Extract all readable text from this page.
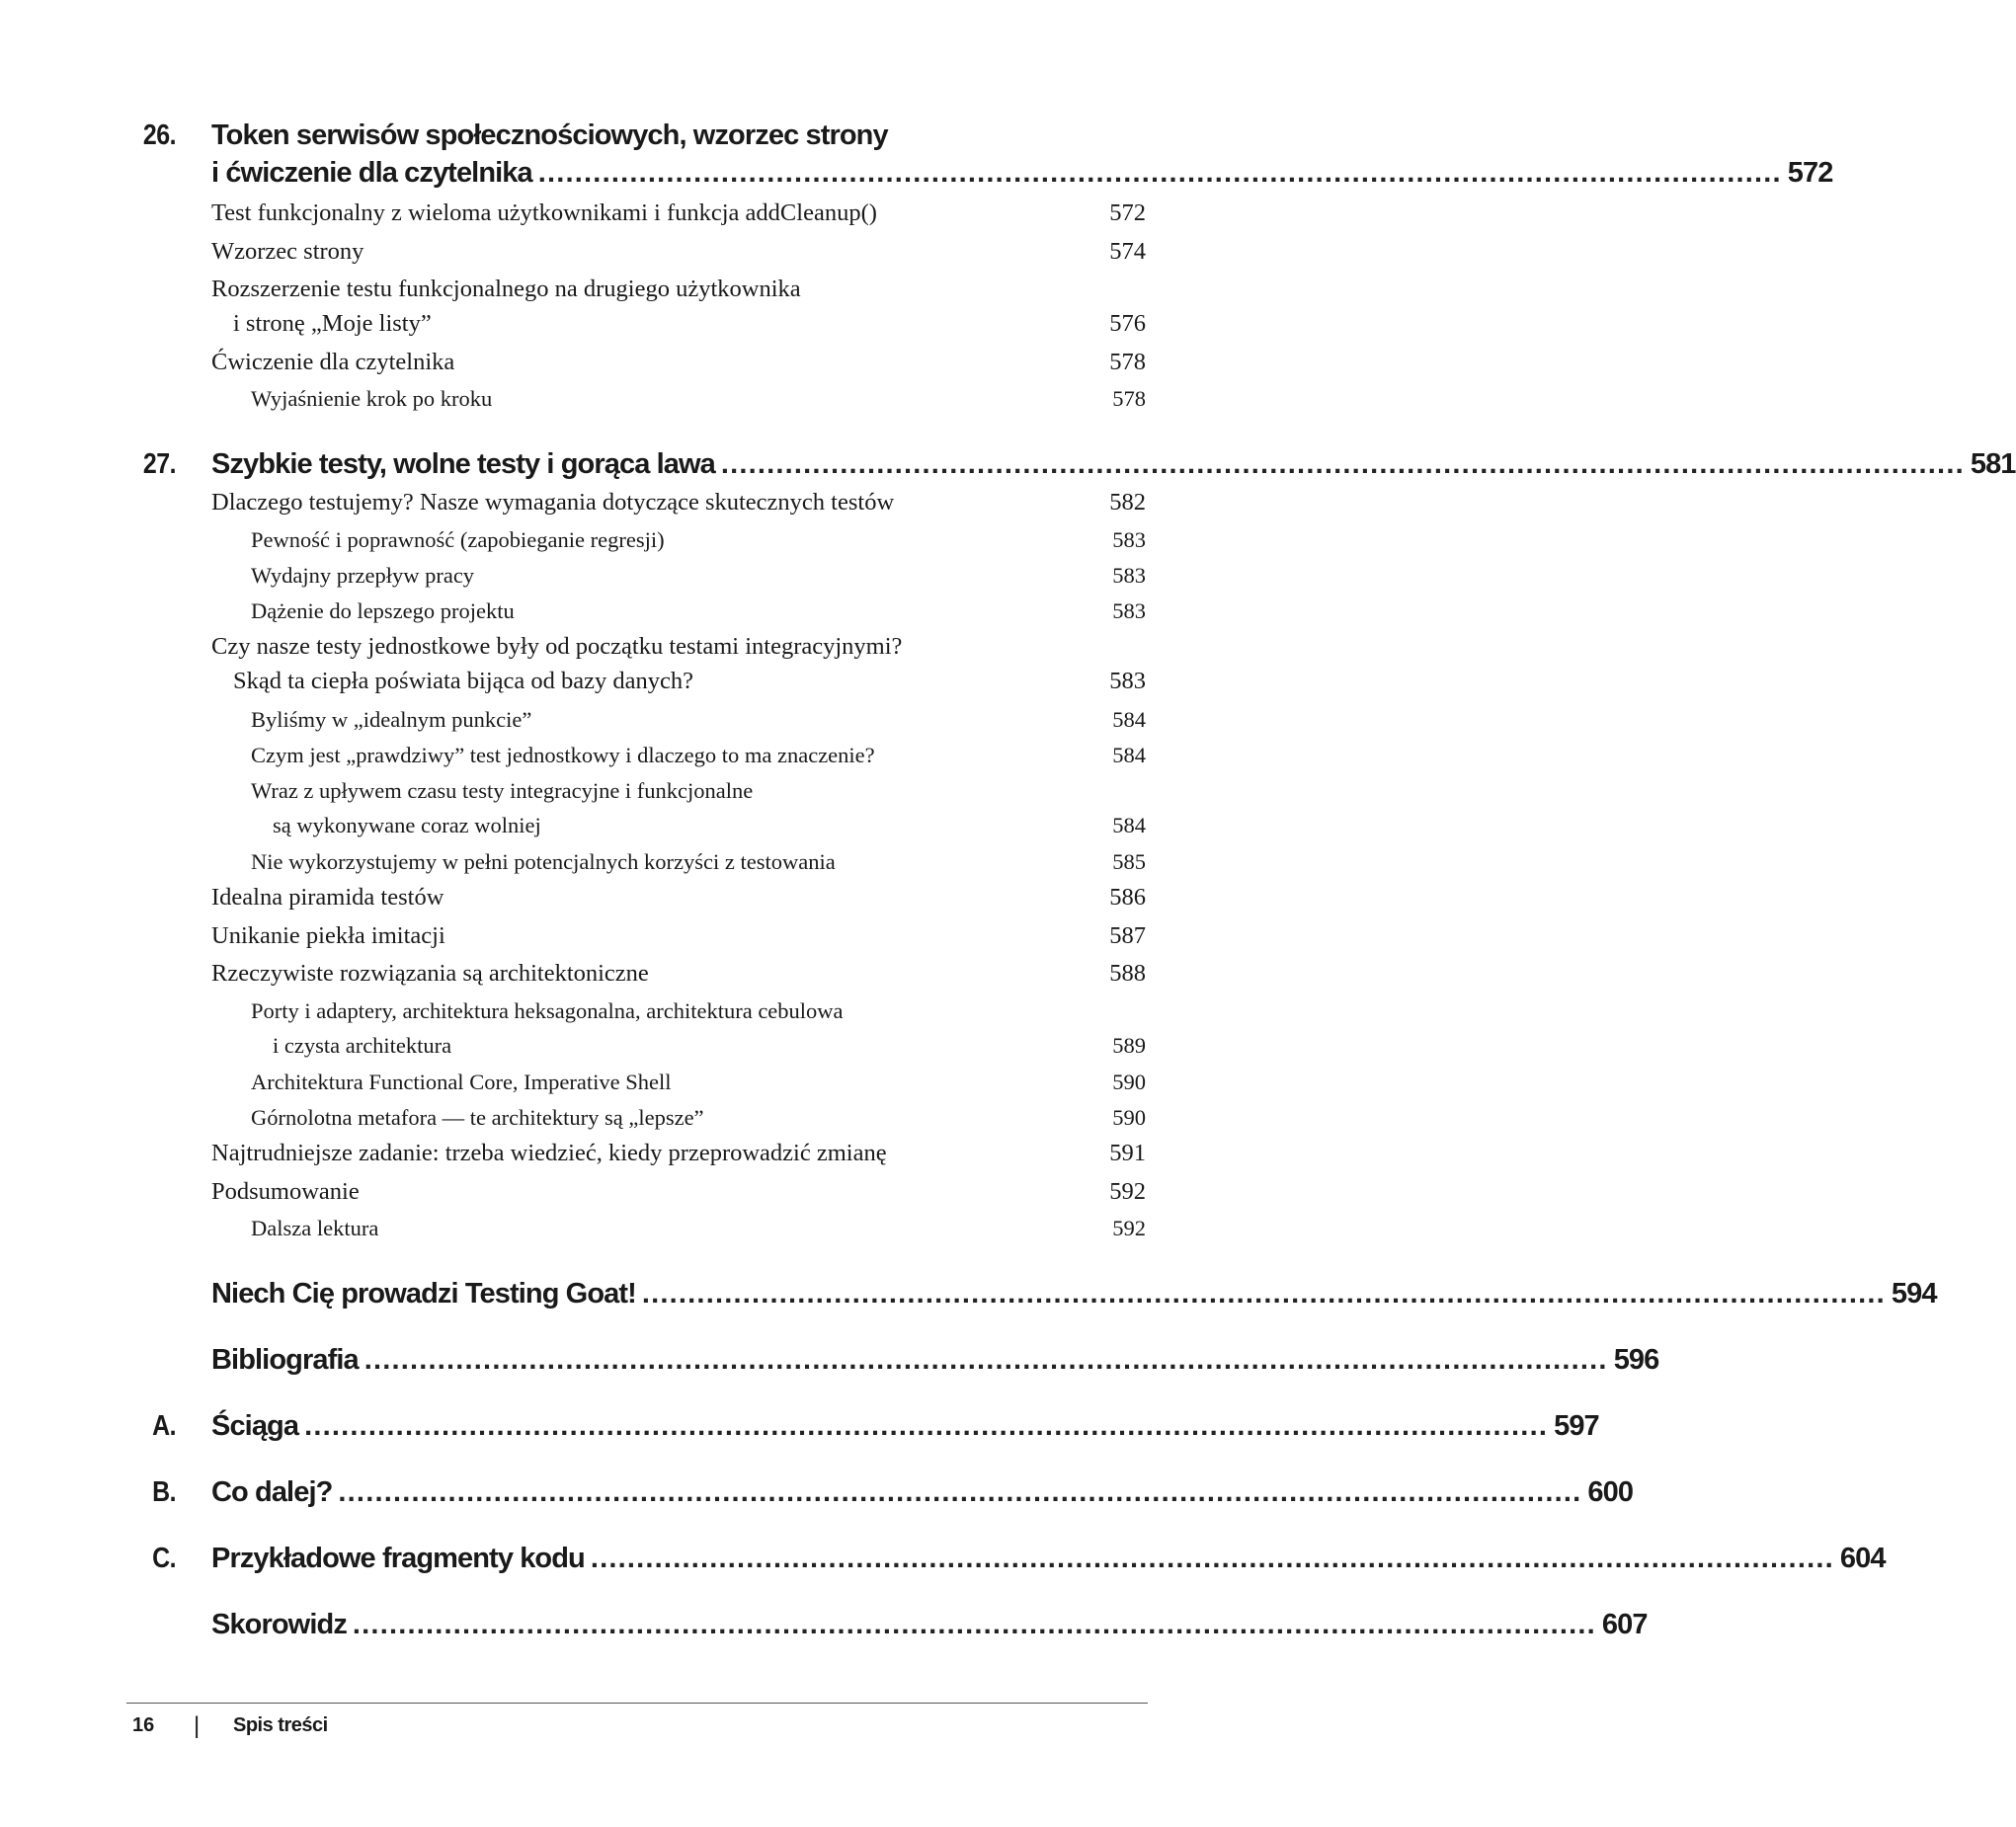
26. Token serwisów społecznościowych, wzorzec strony
i ćwiczenie dla czytelnika ........................................................................................................................................ 572
Test funkcjonalny z wieloma użytkownikami i funkcja addCleanup()	572
Wzorzec strony	574
Rozszerzenie testu funkcjonalnego na drugiego użytkownika
i stronę „Moje listy”	576
Ćwiczenie dla czytelnika	578
Wyjaśnienie krok po kroku	578
27. Szybkie testy, wolne testy i gorąca lawa ........................................................................................................................................ 581
Dlaczego testujemy? Nasze wymagania dotyczące skutecznych testów	582
Pewność i poprawność (zapobieganie regresji)	583
Wydajny przepływ pracy	583
Dążenie do lepszego projektu	583
Czy nasze testy jednostkowe były od początku testami integracyjnymi?
Skąd ta ciepła poświata bijąca od bazy danych?	583
Byliśmy w „idealnym punkcie”	584
Czym jest „prawdziwy” test jednostkowy i dlaczego to ma znaczenie?	584
Wraz z upływem czasu testy integracyjne i funkcjonalne
są wykonywane coraz wolniej	584
Nie wykorzystujemy w pełni potencjalnych korzyści z testowania	585
Idealna piramida testów	586
Unikanie piekła imitacji	587
Rzeczywiste rozwiązania są architektoniczne	588
Porty i adaptery, architektura heksagonalna, architektura cebulowa
i czysta architektura	589
Architektura Functional Core, Imperative Shell	590
Górnolotna metafora — te architektury są „lepsze”	590
Najtrudniejsze zadanie: trzeba wiedzieć, kiedy przeprowadzić zmianę	591
Podsumowanie	592
Dalsza lektura	592
Niech Cię prowadzi Testing Goat! ........................................................................................................................................ 594
Bibliografia ........................................................................................................................................ 596
A. Ściąga ........................................................................................................................................ 597
B. Co dalej? ........................................................................................................................................ 600
C. Przykładowe fragmenty kodu ........................................................................................................................................ 604
Skorowidz ........................................................................................................................................ 607
16 | Spis treści
